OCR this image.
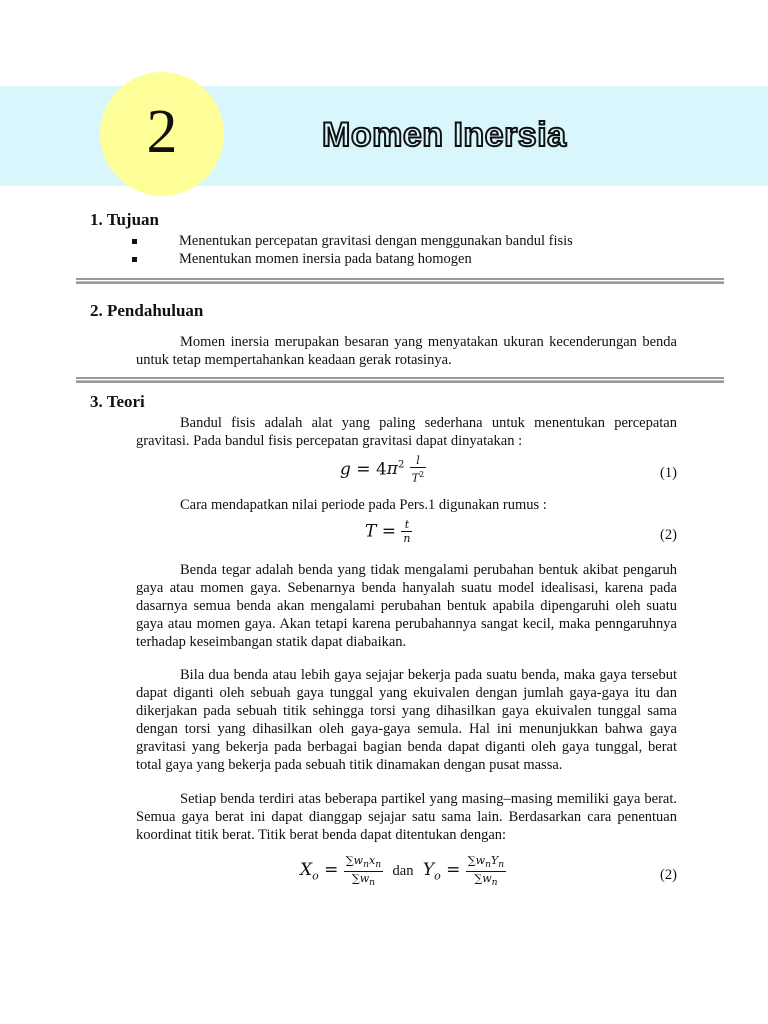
2	Momen Inersia
1. Tujuan
Menentukan percepatan gravitasi dengan menggunakan bandul fisis
Menentukan momen inersia pada batang homogen
2. Pendahuluan
Momen inersia merupakan besaran yang menyatakan ukuran kecenderungan benda untuk tetap mempertahankan keadaan gerak rotasinya.
3. Teori
Bandul fisis adalah alat yang paling sederhana untuk menentukan percepatan gravitasi. Pada bandul fisis percepatan gravitasi dapat dinyatakan :
$g = 4\pi^2 \frac{l}{T^2}$	(1)
Cara mendapatkan nilai periode pada Pers.1 digunakan rumus :
$T = \frac{t}{n}$	(2)
Benda tegar adalah benda yang tidak mengalami perubahan bentuk akibat pengaruh gaya atau momen gaya. Sebenarnya benda hanyalah suatu model idealisasi, karena pada dasarnya semua benda akan mengalami perubahan bentuk apabila dipengaruhi oleh suatu gaya atau momen gaya. Akan tetapi karena perubahannya sangat kecil, maka penngaruhnya terhadap keseimbangan statik dapat diabaikan.
Bila dua benda atau lebih gaya sejajar bekerja pada suatu benda, maka gaya tersebut dapat diganti oleh sebuah gaya tunggal yang ekuivalen dengan jumlah gaya-gaya itu dan dikerjakan pada sebuah titik sehingga torsi yang dihasilkan gaya ekuivalen tunggal sama dengan torsi yang dihasilkan oleh gaya-gaya semula. Hal ini menunjukkan bahwa gaya gravitasi yang bekerja pada berbagai bagian benda dapat diganti oleh gaya tunggal, berat total gaya yang bekerja pada sebuah titik dinamakan dengan pusat massa.
Setiap benda terdiri atas beberapa partikel yang masing–masing memiliki gaya berat. Semua gaya berat ini dapat dianggap sejajar satu sama lain. Berdasarkan cara penentuan koordinat titik berat. Titik berat benda dapat ditentukan dengan:
$X_o = \frac{\sum w_nx_n}{\sum w_n}$ dan $Y_o = \frac{\sum w_nY_n}{\sum w_n}$	(2)
